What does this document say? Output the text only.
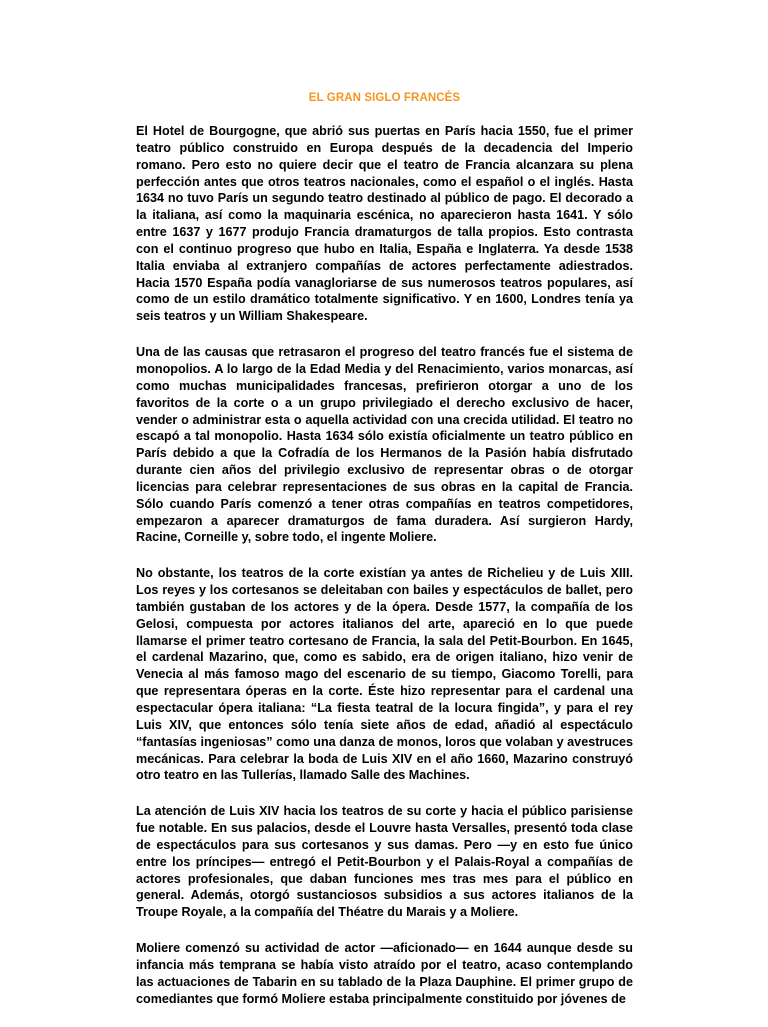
EL GRAN SIGLO FRANCÉS

El Hotel de Bourgogne, que abrió sus puertas en París hacia 1550, fue el primer teatro público construido en Europa después de la decadencia del Imperio romano. Pero esto no quiere decir que el teatro de Francia alcanzara su plena perfección antes que otros teatros nacionales, como el español o el inglés. Hasta 1634 no tuvo París un segundo teatro destinado al público de pago. El decorado a la italiana, así como la maquinaria escénica, no aparecieron hasta 1641. Y sólo entre 1637 y 1677 produjo Francia dramaturgos de talla propios. Esto contrasta con el continuo progreso que hubo en Italia, España e Inglaterra. Ya desde 1538 Italia enviaba al extranjero compañías de actores perfectamente adiestrados. Hacia 1570 España podía vanagloriarse de sus numerosos teatros populares, así como de un estilo dramático totalmente significativo. Y en 1600, Londres tenía ya seis teatros y un William Shakespeare.

Una de las causas que retrasaron el progreso del teatro francés fue el sistema de monopolios. A lo largo de la Edad Media y del Renacimiento, varios monarcas, así como muchas municipalidades francesas, prefirieron otorgar a uno de los favoritos de la corte o a un grupo privilegiado el derecho exclusivo de hacer, vender o administrar esta o aquella actividad con una crecida utilidad. El teatro no escapó a tal monopolio. Hasta 1634 sólo existía oficialmente un teatro público en París debido a que la Cofradía de los Hermanos de la Pasión había disfrutado durante cien años del privilegio exclusivo de representar obras o de otorgar licencias para celebrar representaciones de sus obras en la capital de Francia. Sólo cuando París comenzó a tener otras compañías en teatros competidores, empezaron a aparecer dramaturgos de fama duradera. Así surgieron Hardy, Racine, Corneille y, sobre todo, el ingente Moliere.

No obstante, los teatros de la corte existían ya antes de Richelieu y de Luis XIII. Los reyes y los cortesanos se deleitaban con bailes y espectáculos de ballet, pero también gustaban de los actores y de la ópera. Desde 1577, la compañía de los Gelosi, compuesta por actores italianos del arte, apareció en lo que puede llamarse el primer teatro cortesano de Francia, la sala del Petit-Bourbon. En 1645, el cardenal Mazarino, que, como es sabido, era de origen italiano, hizo venir de Venecia al más famoso mago del escenario de su tiempo, Giacomo Torelli, para que representara óperas en la corte. Éste hizo representar para el cardenal una espectacular ópera italiana: “La fiesta teatral de la locura fingida”, y para el rey Luis XIV, que entonces sólo tenía siete años de edad, añadió al espectáculo “fantasías ingeniosas” como una danza de monos, loros que volaban y avestruces mecánicas. Para celebrar la boda de Luis XIV en el año 1660, Mazarino construyó otro teatro en las Tullerías, llamado Salle des Machines.

La atención de Luis XIV hacia los teatros de su corte y hacia el público parisiense fue notable. En sus palacios, desde el Louvre hasta Versalles, presentó toda clase de espectáculos para sus cortesanos y sus damas. Pero —y en esto fue único entre los príncipes— entregó el Petit-Bourbon y el Palais-Royal a compañías de actores profesionales, que daban funciones mes tras mes para el público en general. Además, otorgó sustanciosos subsidios a sus actores italianos de la Troupe Royale, a la compañía del Théatre du Marais y a Moliere.

Moliere comenzó su actividad de actor —aficionado— en 1644 aunque desde su infancia más temprana se había visto atraído por el teatro, acaso contemplando las actuaciones de Tabarin en su tablado de la Plaza Dauphine. El primer grupo de comediantes que formó Moliere estaba principalmente constituido por jóvenes de
